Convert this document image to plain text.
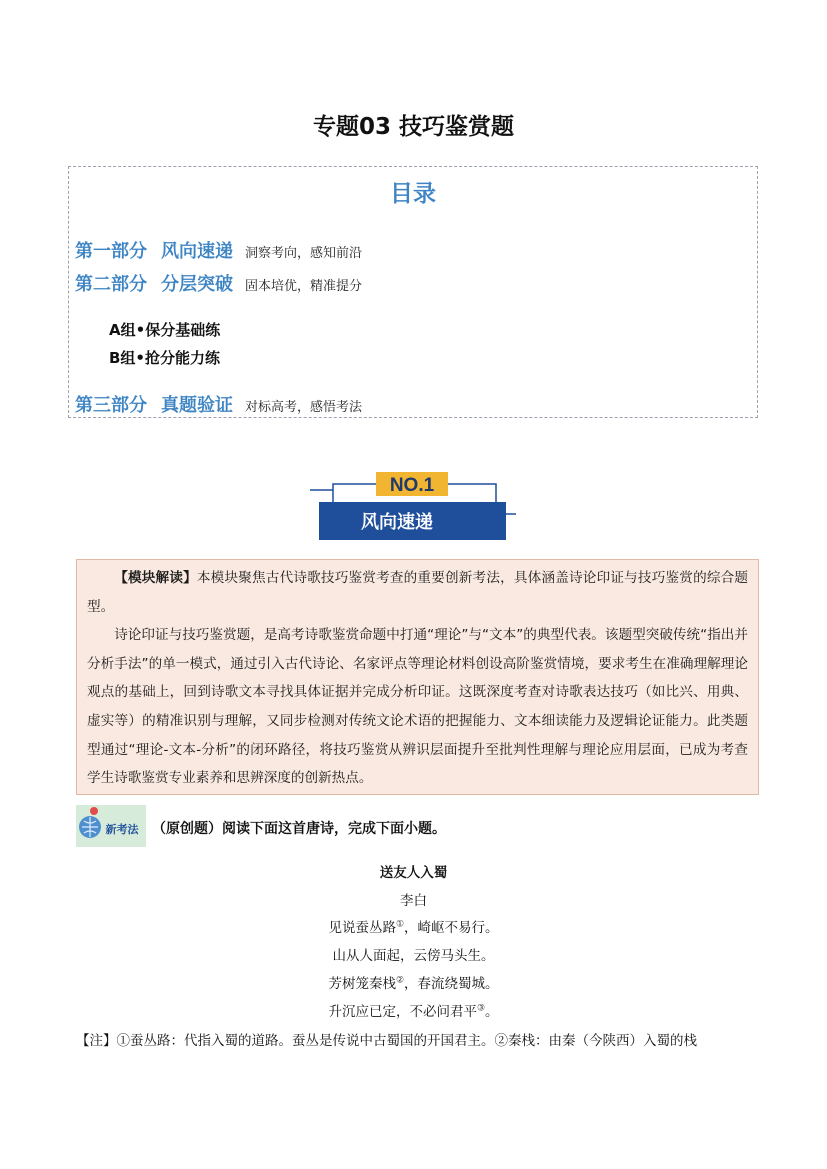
专题03 技巧鉴赏题
目录
第一部分 风向速递 洞察考向，感知前沿
第二部分 分层突破 固本培优，精准提分
A组•保分基础练
B组•抢分能力练
第三部分 真题验证 对标高考，感悟考法
NO.1
风向速递

【模块解读】本模块聚焦古代诗歌技巧鉴赏考查的重要创新考法，具体涵盖诗论印证与技巧鉴赏的综合题型。

诗论印证与技巧鉴赏题，是高考诗歌鉴赏命题中打通“理论”与“文本”的典型代表。该题型突破传统“指出并分析手法”的单一模式，通过引入古代诗论、名家评点等理论材料创设高阶鉴赏情境，要求考生在准确理解理论观点的基础上，回到诗歌文本寻找具体证据并完成分析印证。这既深度考查对诗歌表达技巧（如比兴、用典、虚实等）的精准识别与理解，又同步检测对传统文论术语的把握能力、文本细读能力及逻辑论证能力。此类题型通过“理论-文本-分析”的闭环路径，将技巧鉴赏从辨识层面提升至批判性理解与理论应用层面，已成为考查学生诗歌鉴赏专业素养和思辨深度的创新热点。

新考法 （原创题）阅读下面这首唐诗，完成下面小题。
送友人入蜀
李白
见说蚕丛路①，崎岖不易行。
山从人面起，云傍马头生。
芳树笼秦栈②，春流绕蜀城。
升沉应已定，不必问君平③。
【注】①蚕丛路：代指入蜀的道路。蚕丛是传说中古蜀国的开国君主。②秦栈：由秦（今陕西）入蜀的栈
